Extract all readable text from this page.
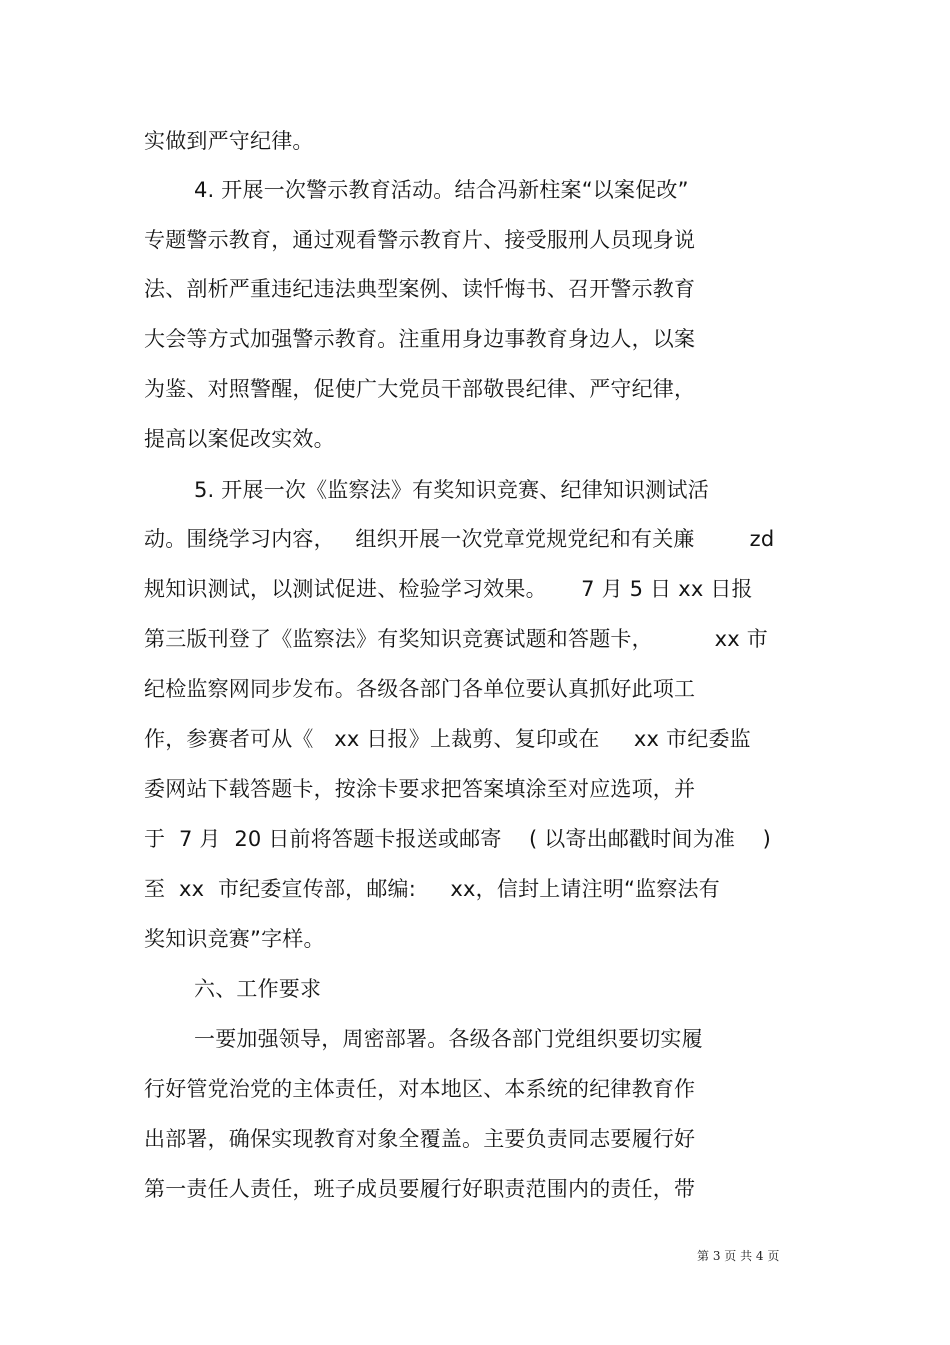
实做到严守纪律。
4. 开展一次警示教育活动。结合冯新柱案“以案促改”
专题警示教育，通过观看警示教育片、接受服刑人员现身说
法、剖析严重违纪违法典型案例、读忏悔书、召开警示教育
大会等方式加强警示教育。注重用身边事教育身边人，以案
为鉴、对照警醒，促使广大党员干部敬畏纪律、严守纪律，
提高以案促改实效。
5. 开展一次《监察法》有奖知识竞赛、纪律知识测试活
动。围绕学习内容，   组织开展一次党章党规党纪和有关廉        zd
规知识测试，以测试促进、检验学习效果。     7 月 5 日 xx 日报
第三版刊登了《监察法》有奖知识竞赛试题和答题卡，         xx 市
纪检监察网同步发布。各级各部门各单位要认真抓好此项工
作，参赛者可从《   xx 日报》上裁剪、复印或在     xx 市纪委监
委网站下载答题卡，按涂卡要求把答案填涂至对应选项，并
于  7 月  20 日前将答题卡报送或邮寄    ( 以寄出邮戳时间为准    )
至  xx  市纪委宣传部，邮编:     xx，信封上请注明“监察法有
奖知识竞赛”字样。
六、工作要求
一要加强领导，周密部署。各级各部门党组织要切实履
行好管党治党的主体责任，对本地区、本系统的纪律教育作
出部署，确保实现教育对象全覆盖。主要负责同志要履行好
第一责任人责任，班子成员要履行好职责范围内的责任，带
第 3 页 共 4 页
